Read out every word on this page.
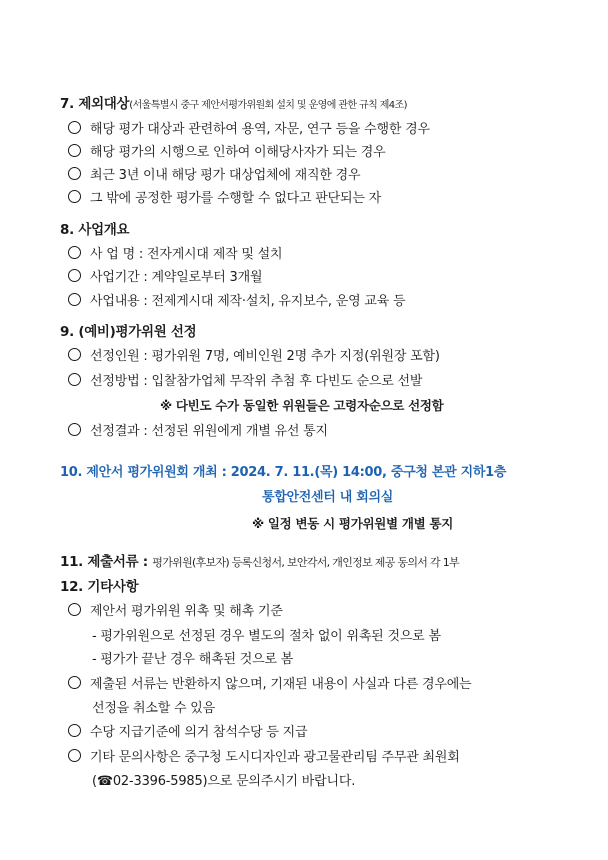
7. 제외대상(서울특별시 중구 제안서평가위원회 설치 및 운영에 관한 규칙 제4조)
해당 평가 대상과 관련하여 용역, 자문, 연구 등을 수행한 경우
해당 평가의 시행으로 인하여 이해당사자가 되는 경우
최근 3년 이내 해당 평가 대상업체에 재직한 경우
그 밖에 공정한 평가를 수행할 수 없다고 판단되는 자
8. 사업개요
사 업 명 : 전자게시대 제작 및 설치
사업기간 : 계약일로부터 3개월
사업내용 : 전제게시대 제작·설치, 유지보수, 운영 교육 등
9. (예비)평가위원 선정
선정인원 : 평가위원 7명, 예비인원 2명 추가 지정(위원장 포함)
선정방법 : 입찰참가업체 무작위 추첨 후 다빈도 순으로 선발
※ 다빈도 수가 동일한 위원들은 고령자순으로 선정함
선정결과 : 선정된 위원에게 개별 유선 통지
10. 제안서 평가위원회 개최 : 2024. 7. 11.(목) 14:00, 중구청 본관 지하1층
통합안전센터 내 회의실
※ 일정 변동 시 평가위원별 개별 통지
11. 제출서류 : 평가위원(후보자) 등록신청서, 보안각서, 개인정보 제공 동의서 각 1부
12. 기타사항
제안서 평가위원 위촉 및 해촉 기준
- 평가위원으로 선정된 경우 별도의 절차 없이 위촉된 것으로 봄
- 평가가 끝난 경우 해촉된 것으로 봄
제출된 서류는 반환하지 않으며, 기재된 내용이 사실과 다른 경우에는
선정을 취소할 수 있음
수당 지급기준에 의거 참석수당 등 지급
기타 문의사항은 중구청 도시디자인과 광고물관리팀 주무관 최원회
(☎02-3396-5985)으로 문의주시기 바랍니다.
